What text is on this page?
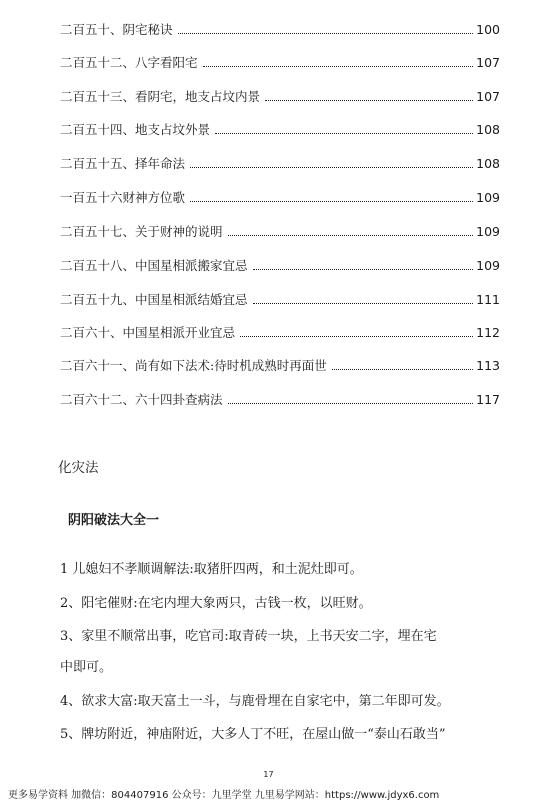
二百五十、阴宅秘诀	100
二百五十二、八字看阳宅	107
二百五十三、看阴宅，地支占坟内景	107
二百五十四、地支占坟外景	108
二百五十五、择年命法	108
一百五十六财神方位歌	109
二百五十七、关于财神的说明	109
二百五十八、中国星相派搬家宜忌	109
二百五十九、中国星相派结婚宜忌	111
二百六十、中国星相派开业宜忌	112
二百六十一、尚有如下法术:待时机成熟时再面世	113
二百六十二、六十四卦查病法	117
化灾法
阴阳破法大全一
1 儿媳妇不孝顺调解法:取猪肝四两，和土泥灶即可。
2、阳宅催财:在宅内埋大象两只，古钱一枚，以旺财。
3、家里不顺常出事，吃官司:取青砖一块，上书天安二字，埋在宅
中即可。
4、欲求大富:取天富土一斗，与鹿骨埋在自家宅中，第二年即可发。
5、牌坊附近，神庙附近，大多人丁不旺，在屋山做一“泰山石敢当”
17
更多易学资料 加微信：804407916 公众号：九里学堂 九里易学网站：https://www.jdyx6.com
